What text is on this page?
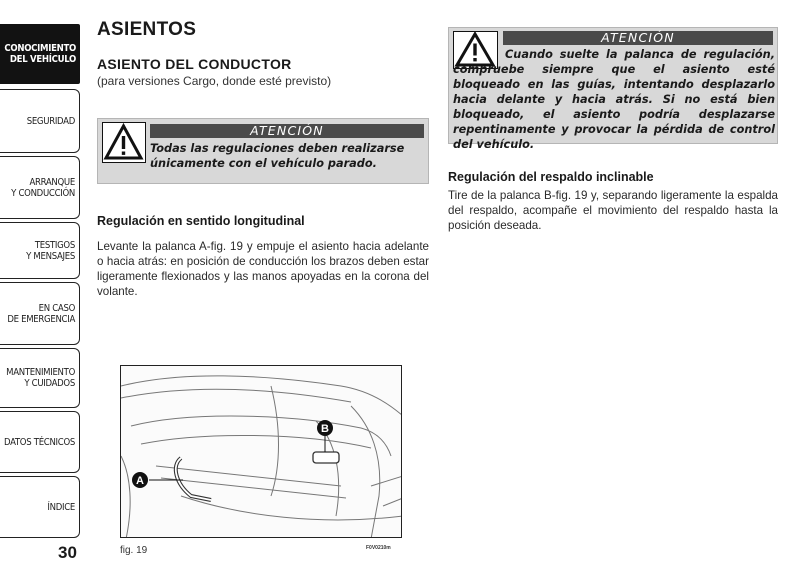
CONOCIMIENTO
DEL VEHÍCULO
SEGURIDAD
ARRANQUE
Y CONDUCCIÓN
TESTIGOS
Y MENSAJES
EN CASO
DE EMERGENCIA
MANTENIMIENTO
Y CUIDADOS
DATOS TÉCNICOS
ÍNDICE
30
ASIENTOS
ASIENTO DEL CONDUCTOR
(para versiones Cargo, donde esté previsto)
ATENCIÓN
Todas las regulaciones deben realizarse
únicamente con el vehículo parado.
Regulación en sentido longitudinal
Levante la palanca A-fig. 19 y empuje el asiento hacia adelante o hacia atrás: en posición de conducción los brazos deben estar ligeramente flexionados y las manos apoyadas en la corona del volante.
A
B
fig. 19	F0V0210m
ATENCIÓN
Cuando suelte la palanca de regulación, compruebe siempre que el asiento esté bloqueado en las guías, intentando desplazarlo hacia delante y hacia atrás. Si no está bien bloqueado, el asiento podría desplazarse repentinamente y provocar la pérdida de control del vehículo.
Regulación del respaldo inclinable
Tire de la palanca B-fig. 19 y, separando ligeramente la espalda del respaldo, acompañe el movimiento del respaldo hasta la posición deseada.
